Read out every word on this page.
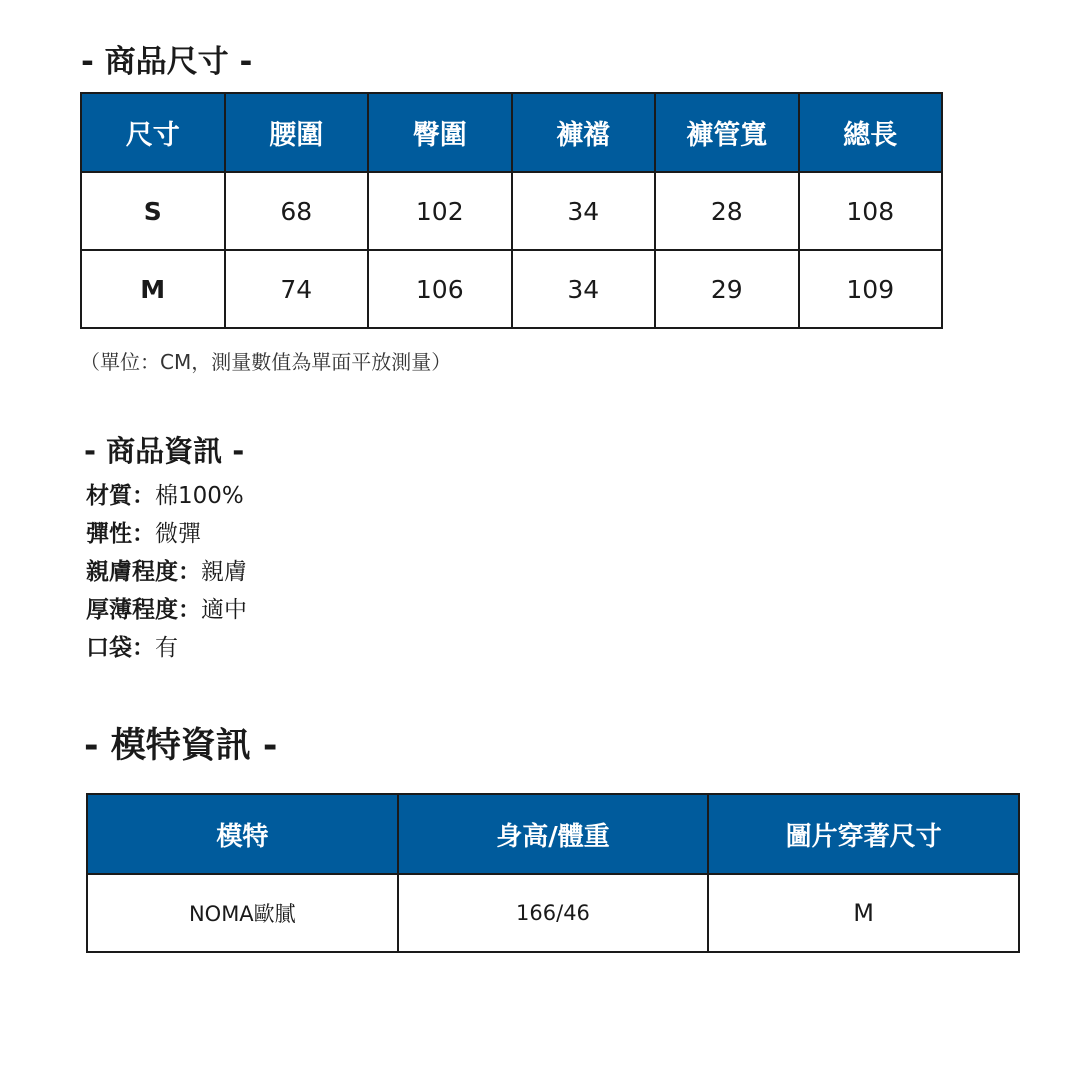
- 商品尺寸 -
尺寸	腰圍	臀圍	褲襠	褲管寬	總長
S	68	102	34	28	108
M	74	106	34	29	109

（單位：CM，測量數值為單面平放測量）

- 商品資訊 -
材質：棉100%
彈性：微彈
親膚程度：親膚
厚薄程度：適中
口袋：有
- 模特資訊 -
模特	身高/體重	圖片穿著尺寸
NOMA歐膩	166/46	M
